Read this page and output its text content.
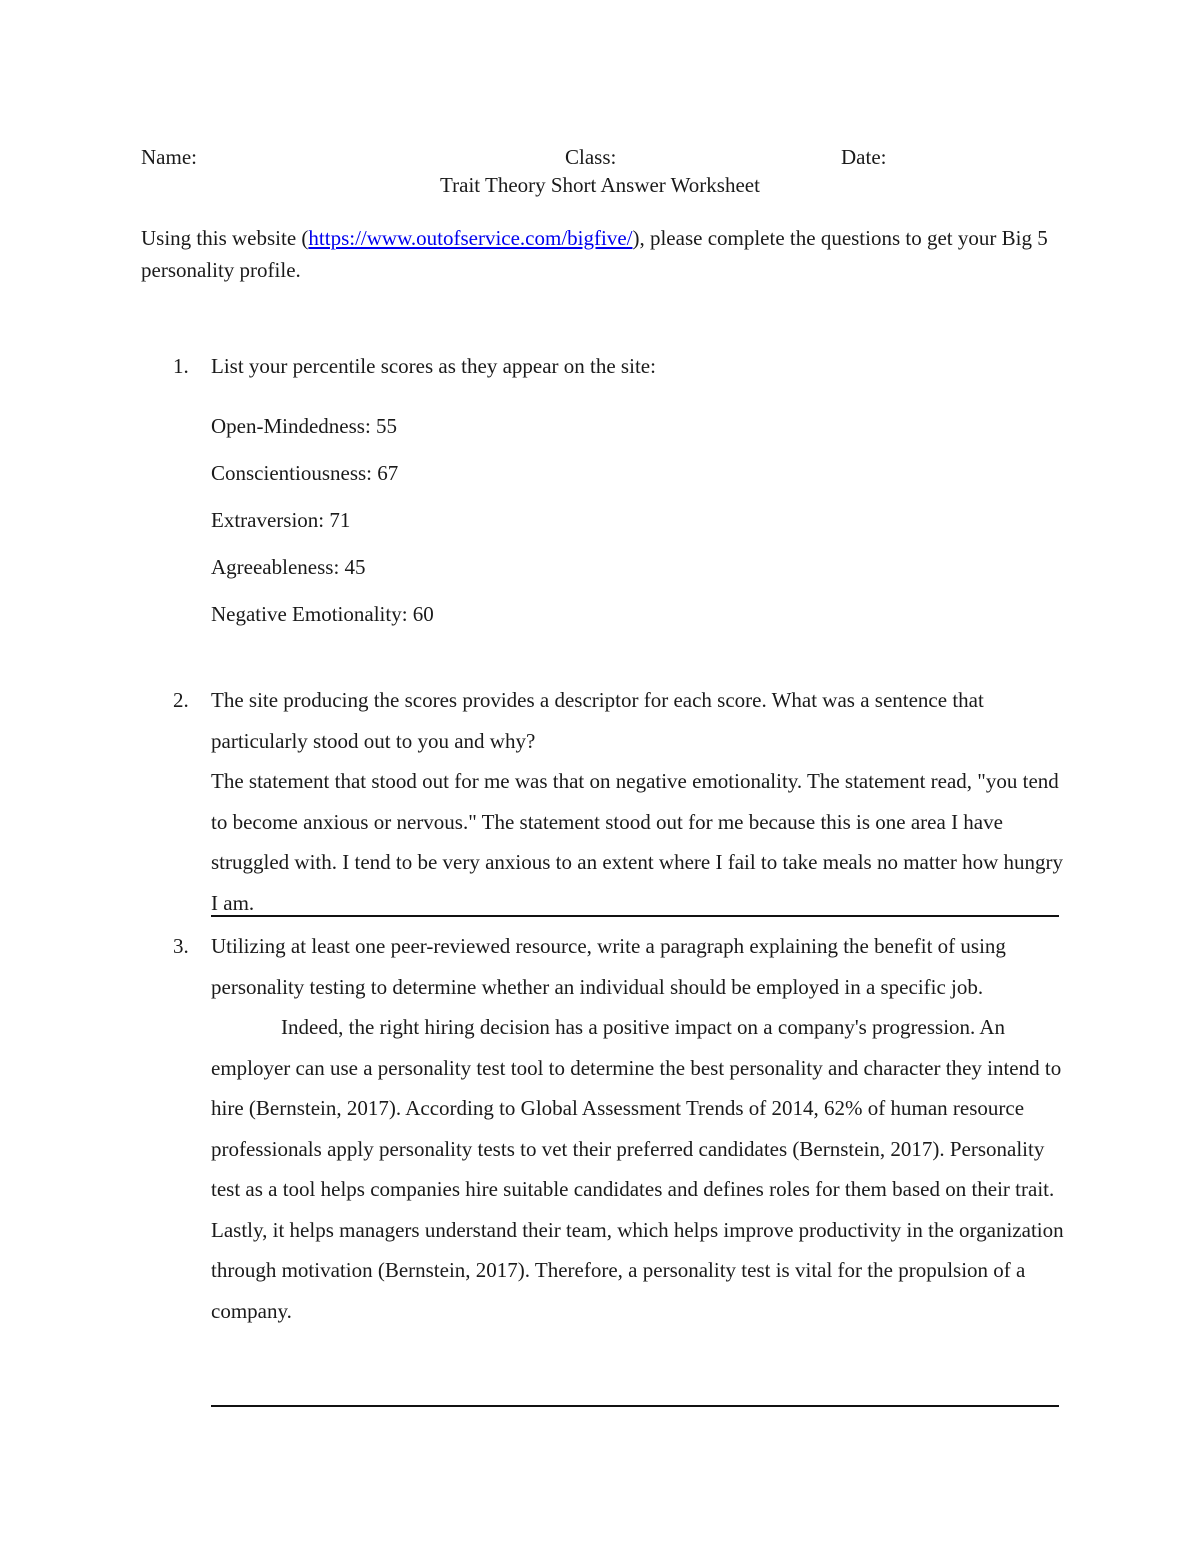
Name:	Class:	Date:
Trait Theory Short Answer Worksheet
Using this website (https://www.outofservice.com/bigfive/), please complete the questions to get your Big 5 personality profile.
1. List your percentile scores as they appear on the site:
Open-Mindedness: 55
Conscientiousness: 67
Extraversion: 71
Agreeableness: 45
Negative Emotionality: 60
2. The site producing the scores provides a descriptor for each score. What was a sentence that particularly stood out to you and why?
The statement that stood out for me was that on negative emotionality. The statement read, "you tend to become anxious or nervous." The statement stood out for me because this is one area I have struggled with. I tend to be very anxious to an extent where I fail to take meals no matter how hungry I am.
3. Utilizing at least one peer-reviewed resource, write a paragraph explaining the benefit of using personality testing to determine whether an individual should be employed in a specific job.
Indeed, the right hiring decision has a positive impact on a company's progression. An employer can use a personality test tool to determine the best personality and character they intend to hire (Bernstein, 2017). According to Global Assessment Trends of 2014, 62% of human resource professionals apply personality tests to vet their preferred candidates (Bernstein, 2017). Personality test as a tool helps companies hire suitable candidates and defines roles for them based on their trait. Lastly, it helps managers understand their team, which helps improve productivity in the organization through motivation (Bernstein, 2017). Therefore, a personality test is vital for the propulsion of a company.
